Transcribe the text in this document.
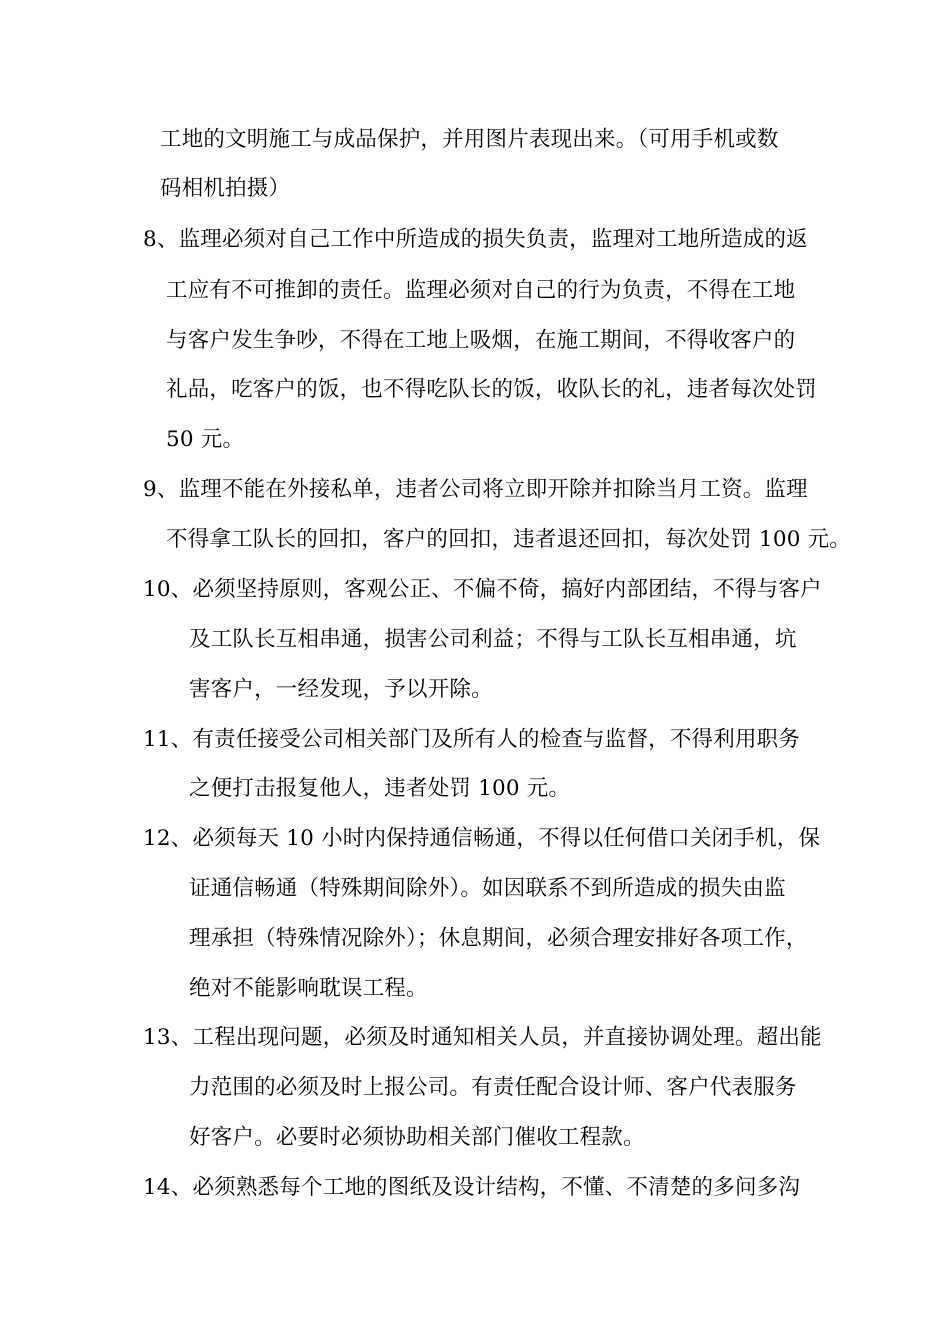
工地的文明施工与成品保护，并用图片表现出来。（可用手机或数
码相机拍摄）
8、监理必须对自己工作中所造成的损失负责，监理对工地所造成的返
工应有不可推卸的责任。监理必须对自己的行为负责，不得在工地
与客户发生争吵，不得在工地上吸烟，在施工期间，不得收客户的
礼品，吃客户的饭，也不得吃队长的饭，收队长的礼，违者每次处罚
50 元。
9、监理不能在外接私单，违者公司将立即开除并扣除当月工资。监理
不得拿工队长的回扣，客户的回扣，违者退还回扣，每次处罚 100 元。
10、必须坚持原则，客观公正、不偏不倚，搞好内部团结，不得与客户
及工队长互相串通，损害公司利益；不得与工队长互相串通，坑
害客户，一经发现，予以开除。
11、有责任接受公司相关部门及所有人的检查与监督，不得利用职务
之便打击报复他人，违者处罚 100 元。
12、必须每天 10 小时内保持通信畅通，不得以任何借口关闭手机，保
证通信畅通（特殊期间除外）。如因联系不到所造成的损失由监
理承担（特殊情况除外）；休息期间，必须合理安排好各项工作，
绝对不能影响耽误工程。
13、工程出现问题，必须及时通知相关人员，并直接协调处理。超出能
力范围的必须及时上报公司。有责任配合设计师、客户代表服务
好客户。必要时必须协助相关部门催收工程款。
14、必须熟悉每个工地的图纸及设计结构，不懂、不清楚的多问多沟
